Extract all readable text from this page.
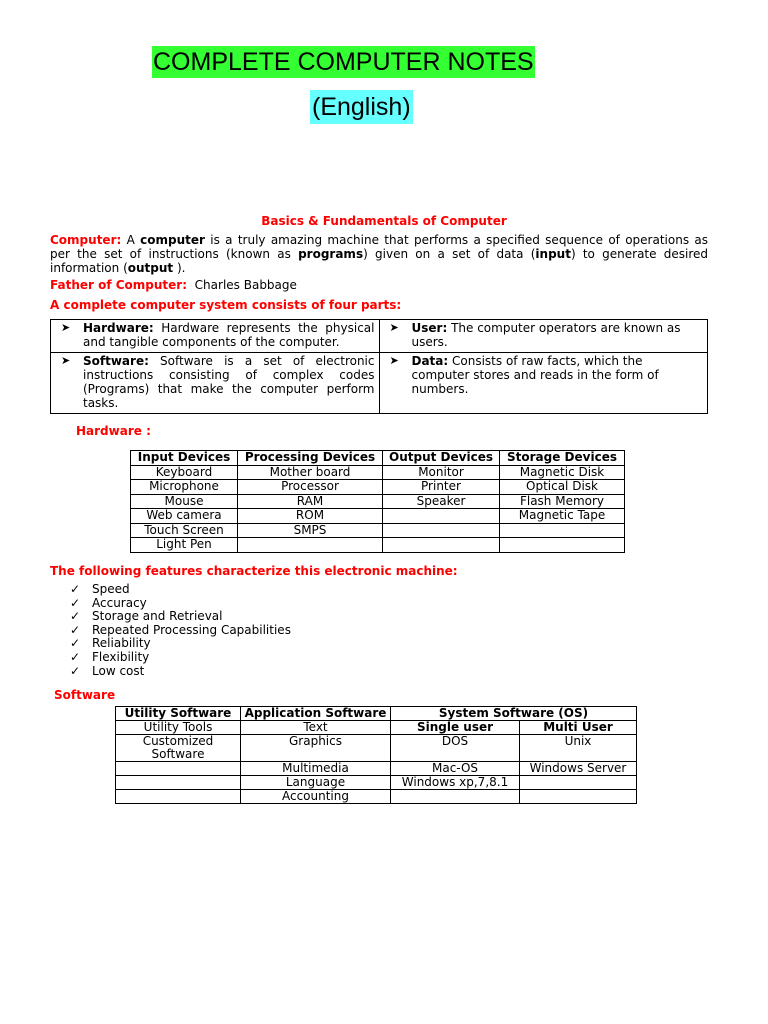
COMPLETE COMPUTER NOTES
(English)
Basics & Fundamentals of Computer
Computer: A computer is a truly amazing machine that performs a specified sequence of operations as per the set of instructions (known as programs) given on a set of data (input) to generate desired information (output ).
Father of Computer: Charles Babbage
A complete computer system consists of four parts:
➤ Hardware: Hardware represents the physical and tangible components of the computer.	➤ User: The computer operators are known as users.

➤ Software: Software is a set of electronic instructions consisting of complex codes (Programs) that make the computer perform tasks.	➤ Data: Consists of raw facts, which the computer stores and reads in the form of numbers.
Hardware :
Input Devices	Processing Devices	Output Devices	Storage Devices
Keyboard	Mother board	Monitor	Magnetic Disk
Microphone	Processor	Printer	Optical Disk
Mouse	RAM	Speaker	Flash Memory
Web camera	ROM		Magnetic Tape
Touch Screen	SMPS		
Light Pen			
The following features characterize this electronic machine:
✓ Speed
✓ Accuracy
✓ Storage and Retrieval
✓ Repeated Processing Capabilities
✓ Reliability
✓ Flexibility
✓ Low cost
Software
Utility Software	Application Software	System Software (OS)	
Utility Tools	Text	Single user	Multi User
Customized Software	Graphics	DOS	Unix
	Multimedia	Mac-OS	Windows Server
	Language	Windows xp,7,8.1	
	Accounting		
